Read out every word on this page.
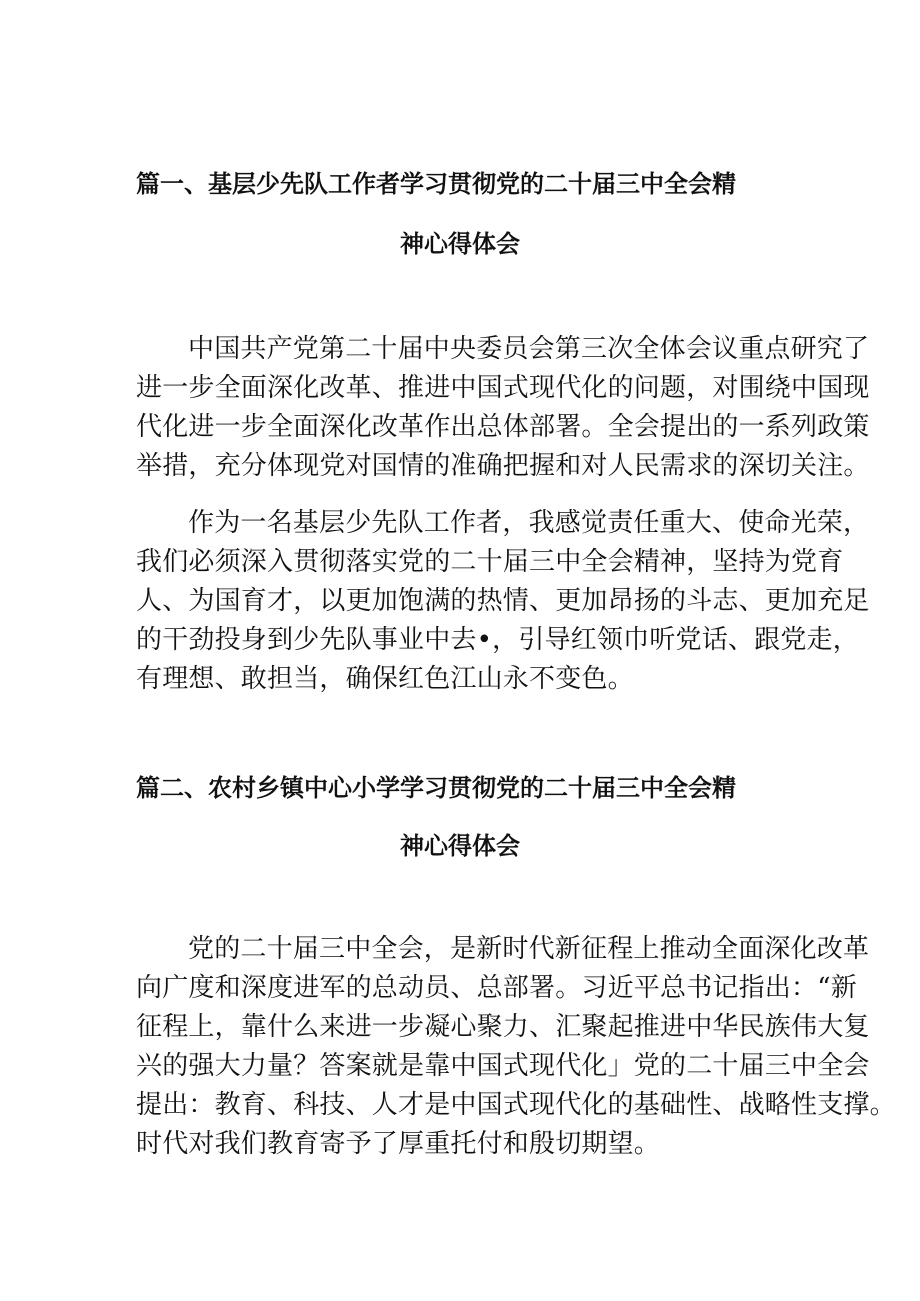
篇一、基层少先队工作者学习贯彻党的二十届三中全会精
神心得体会
中国共产党第二十届中央委员会第三次全体会议重点研究了
进一步全面深化改革、推进中国式现代化的问题，对围绕中国现
代化进一步全面深化改革作出总体部署。全会提出的一系列政策
举措，充分体现党对国情的准确把握和对人民需求的深切关注。
作为一名基层少先队工作者，我感觉责任重大、使命光荣，
我们必须深入贯彻落实党的二十届三中全会精神，坚持为党育
人、为国育才，以更加饱满的热情、更加昂扬的斗志、更加充足
的干劲投身到少先队事业中去•，引导红领巾听党话、跟党走，
有理想、敢担当，确保红色江山永不变色。
篇二、农村乡镇中心小学学习贯彻党的二十届三中全会精
神心得体会
党的二十届三中全会，是新时代新征程上推动全面深化改革
向广度和深度进军的总动员、总部署。习近平总书记指出：“新
征程上，靠什么来进一步凝心聚力、汇聚起推进中华民族伟大复
兴的强大力量？答案就是靠中国式现代化」党的二十届三中全会
提出：教育、科技、人才是中国式现代化的基础性、战略性支撑。
时代对我们教育寄予了厚重托付和殷切期望。
